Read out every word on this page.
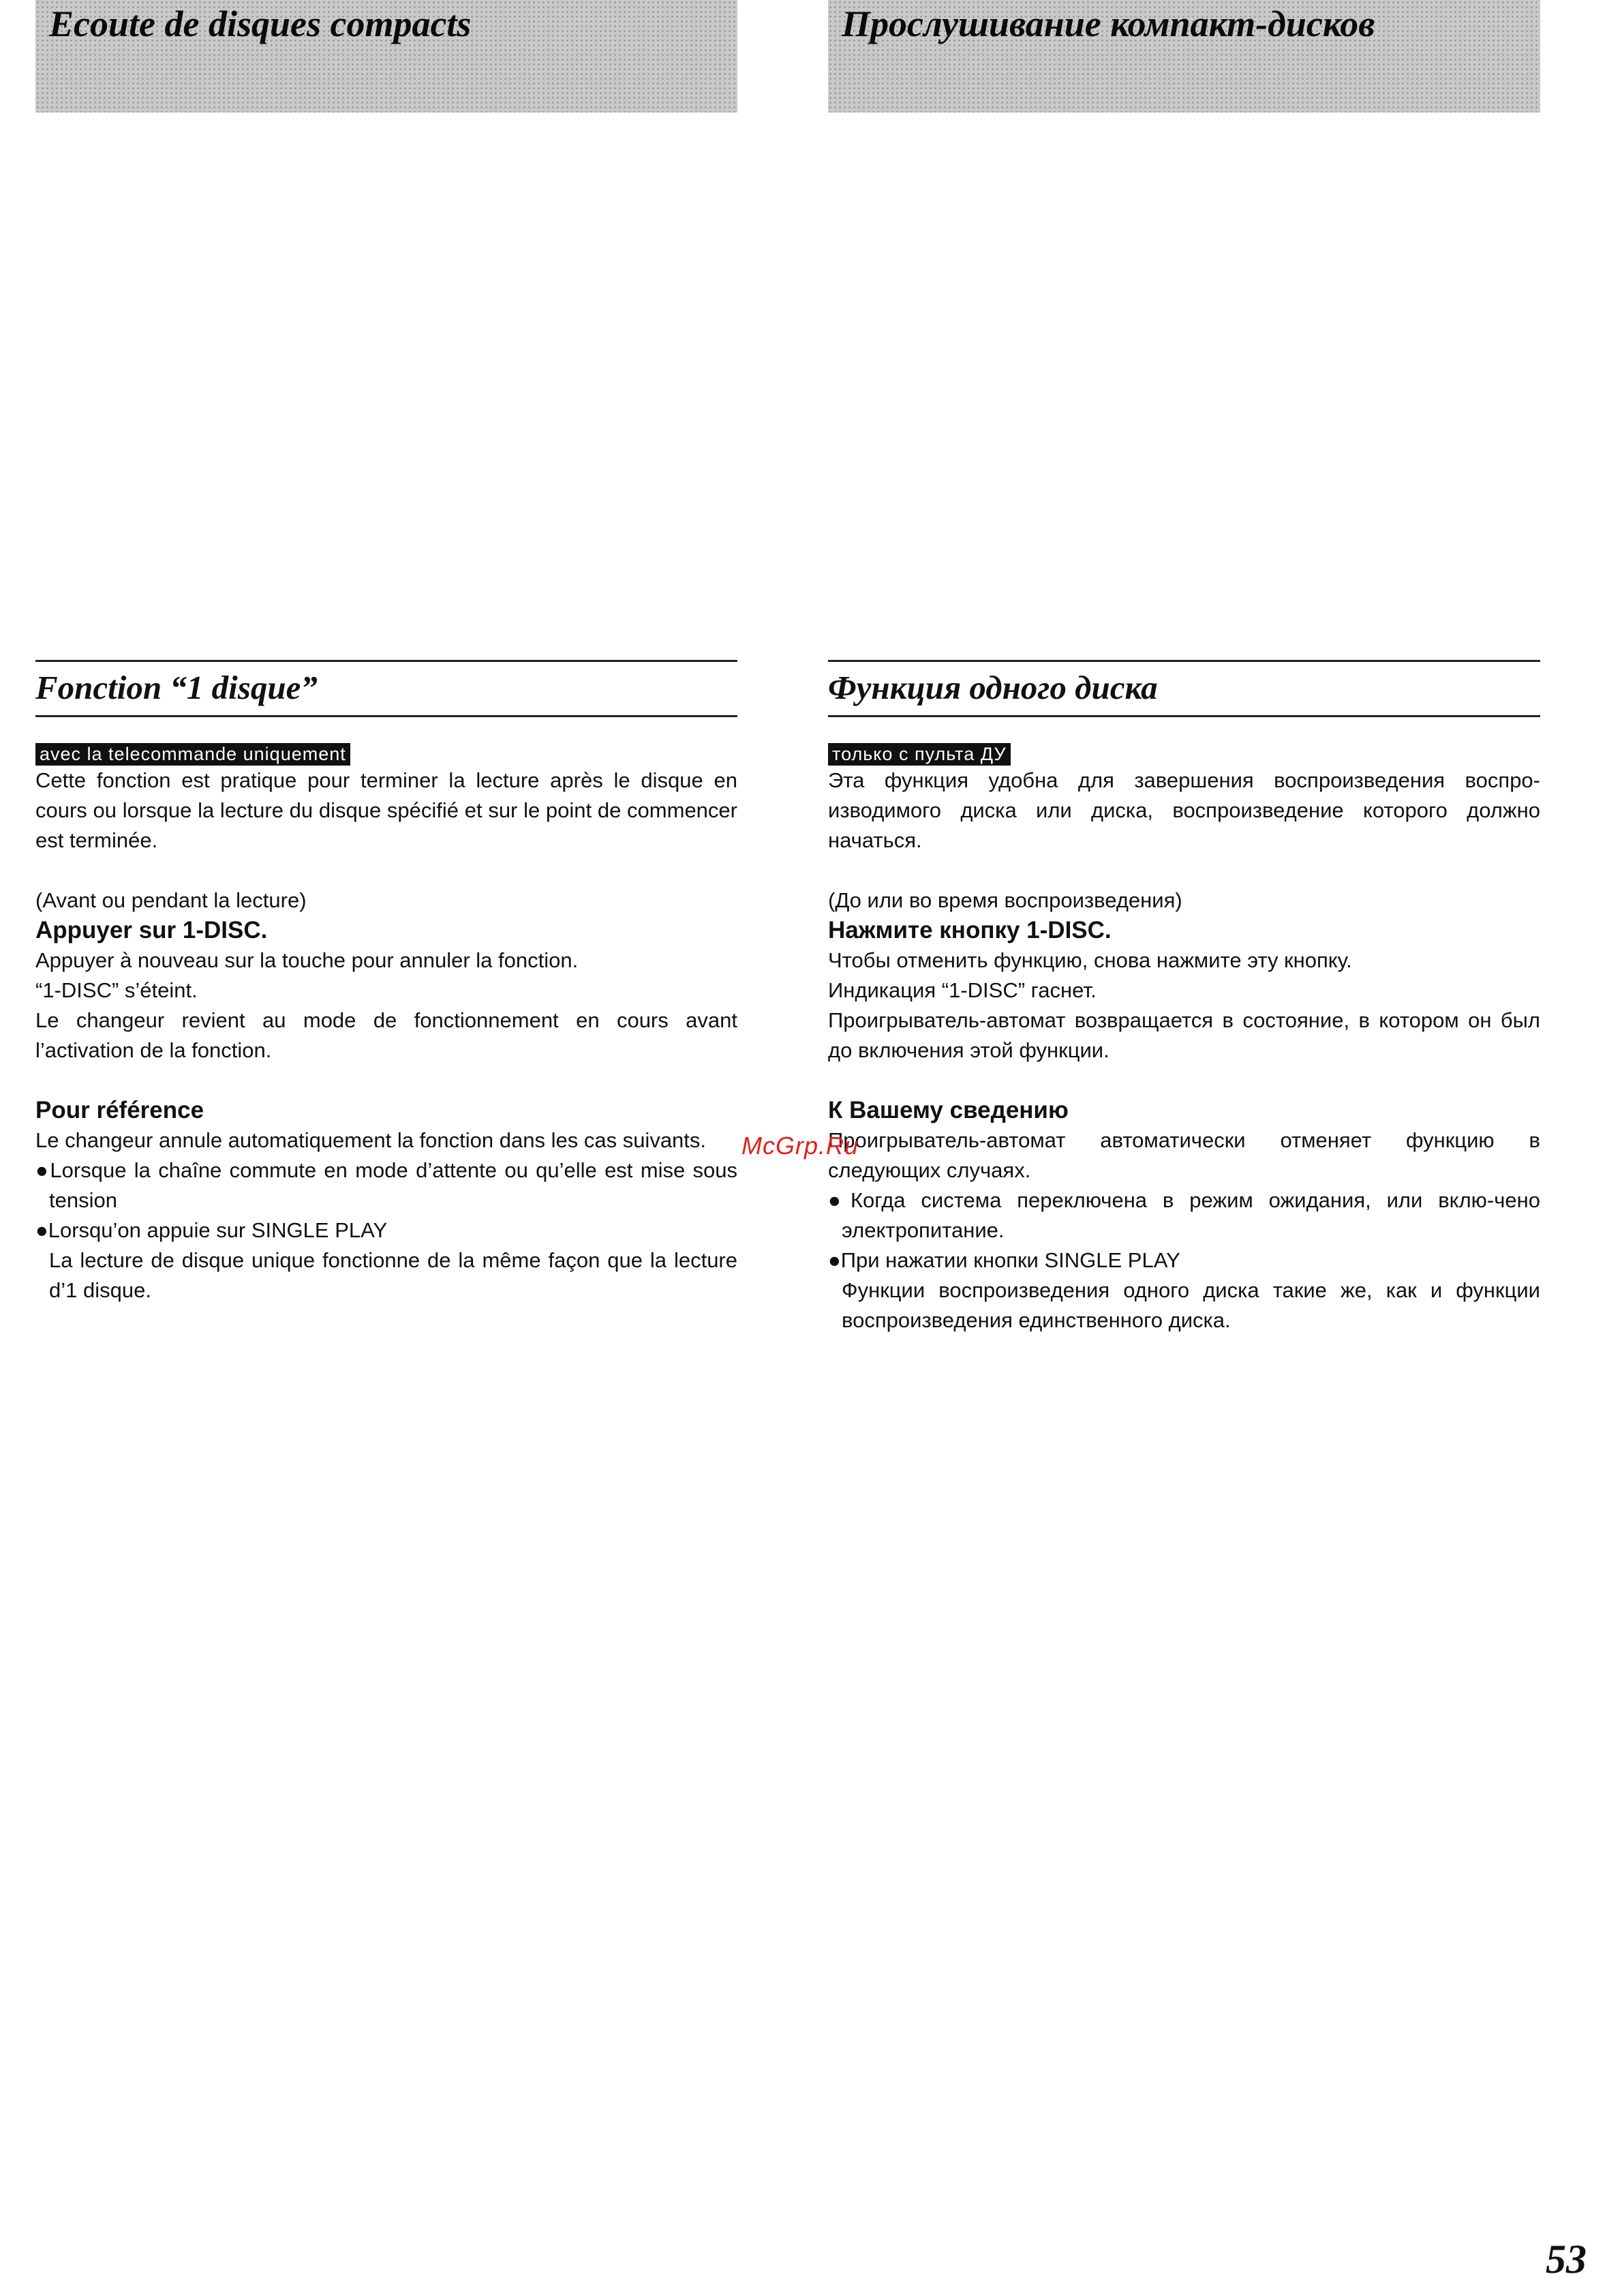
Ecoute de disques compacts	Прослушивание компакт-дисков
Fonction “1 disque”
avec la telecommande uniquement

Cette fonction est pratique pour terminer la lecture après le disque en cours ou lorsque la lecture du disque spécifié et sur le point de commencer est terminée.

(Avant ou pendant la lecture)

Appuyer sur 1-DISC.

Appuyer à nouveau sur la touche pour annuler la fonction.

“1-DISC” s’éteint.

Le changeur revient au mode de fonctionnement en cours avant l’activation de la fonction.

Pour référence

Le changeur annule automatiquement la fonction dans les cas suivants.

●Lorsque la chaîne commute en mode d’attente ou qu’elle est mise sous tension

●Lorsqu’on appuie sur SINGLE PLAY

La lecture de disque unique fonctionne de la même façon que la lecture d’1 disque.

Функция одного диска
только с пульта ДУ

Эта функция удобна для завершения воспроизведения воспро-изводимого диска или диска, воспроизведение которого должно начаться.

(До или во время воспроизведения)

Нажмите кнопку 1-DISC.

Чтобы отменить функцию, снова нажмите эту кнопку.

Индикация “1-DISC” гаснет.

Проигрыватель-автомат возвращается в состояние, в котором он был до включения этой функции.

К Вашему сведению

Проигрыватель-автомат автоматически отменяет функцию в следующих случаях.

●Когда система переключена в режим ожидания, или вклю-чено электропитание.

●При нажатии кнопки SINGLE PLAY

Функции воспроизведения одного диска такие же, как и функции воспроизведения единственного диска.

McGrp.Ru
53
